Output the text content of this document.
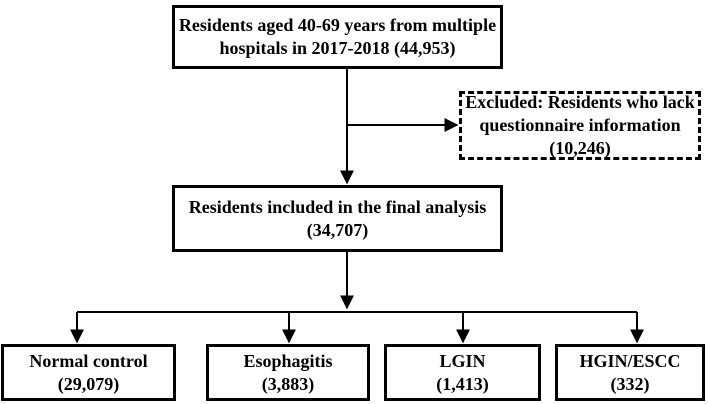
Residents aged 40-69 years from multiple
hospitals in 2017-2018 (44,953)
Excluded: Residents who lack
questionnaire information
(10,246)
Residents included in the final analysis
(34,707)
Normal control
(29,079)
Esophagitis
(3,883)
LGIN
(1,413)
HGIN/ESCC
(332)
